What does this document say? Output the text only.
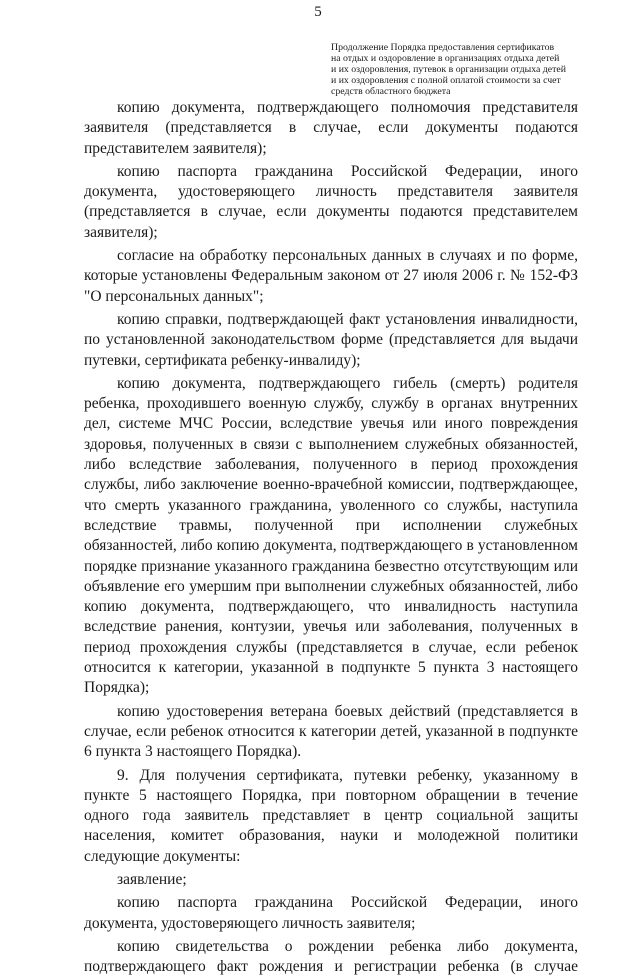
5
Продолжение Порядка предоставления сертификатов
на отдых и оздоровление в организациях отдыха детей
и их оздоровления, путевок в организации отдыха детей
и их оздоровления с полной оплатой стоимости за счет
средств областного бюджета

копию документа, подтверждающего полномочия представителя заявителя (представляется в случае, если документы подаются представителем заявителя);

копию паспорта гражданина Российской Федерации, иного документа, удостоверяющего личность представителя заявителя (представляется в случае, если документы подаются представителем заявителя);

согласие на обработку персональных данных в случаях и по форме, которые установлены Федеральным законом от 27 июля 2006 г. № 152-ФЗ "О персональных данных";

копию справки, подтверждающей факт установления инвалидности, по установленной законодательством форме (представляется для выдачи путевки, сертификата ребенку-инвалиду);

копию документа, подтверждающего гибель (смерть) родителя ребенка, проходившего военную службу, службу в органах внутренних дел, системе МЧС России, вследствие увечья или иного повреждения здоровья, полученных в связи с выполнением служебных обязанностей, либо вследствие заболевания, полученного в период прохождения службы, либо заключение военно-врачебной комиссии, подтверждающее, что смерть указанного гражданина, уволенного со службы, наступила вследствие травмы, полученной при исполнении служебных обязанностей, либо копию документа, подтверждающего в установленном порядке признание указанного гражданина безвестно отсутствующим или объявление его умершим при выполнении служебных обязанностей, либо копию документа, подтверждающего, что инвалидность наступила вследствие ранения, контузии, увечья или заболевания, полученных в период прохождения службы (представляется в случае, если ребенок относится к категории, указанной в подпункте 5 пункта 3 настоящего Порядка);

копию удостоверения ветерана боевых действий (представляется в случае, если ребенок относится к категории детей, указанной в подпункте 6 пункта 3 настоящего Порядка).

9. Для получения сертификата, путевки ребенку, указанному в пункте 5 настоящего Порядка, при повторном обращении в течение одного года заявитель представляет в центр социальной защиты населения, комитет образования, науки и молодежной политики следующие документы:

заявление;

копию паспорта гражданина Российской Федерации, иного документа, удостоверяющего личность заявителя;

копию свидетельства о рождении ребенка либо документа, подтверждающего факт рождения и регистрации ребенка (в случае
